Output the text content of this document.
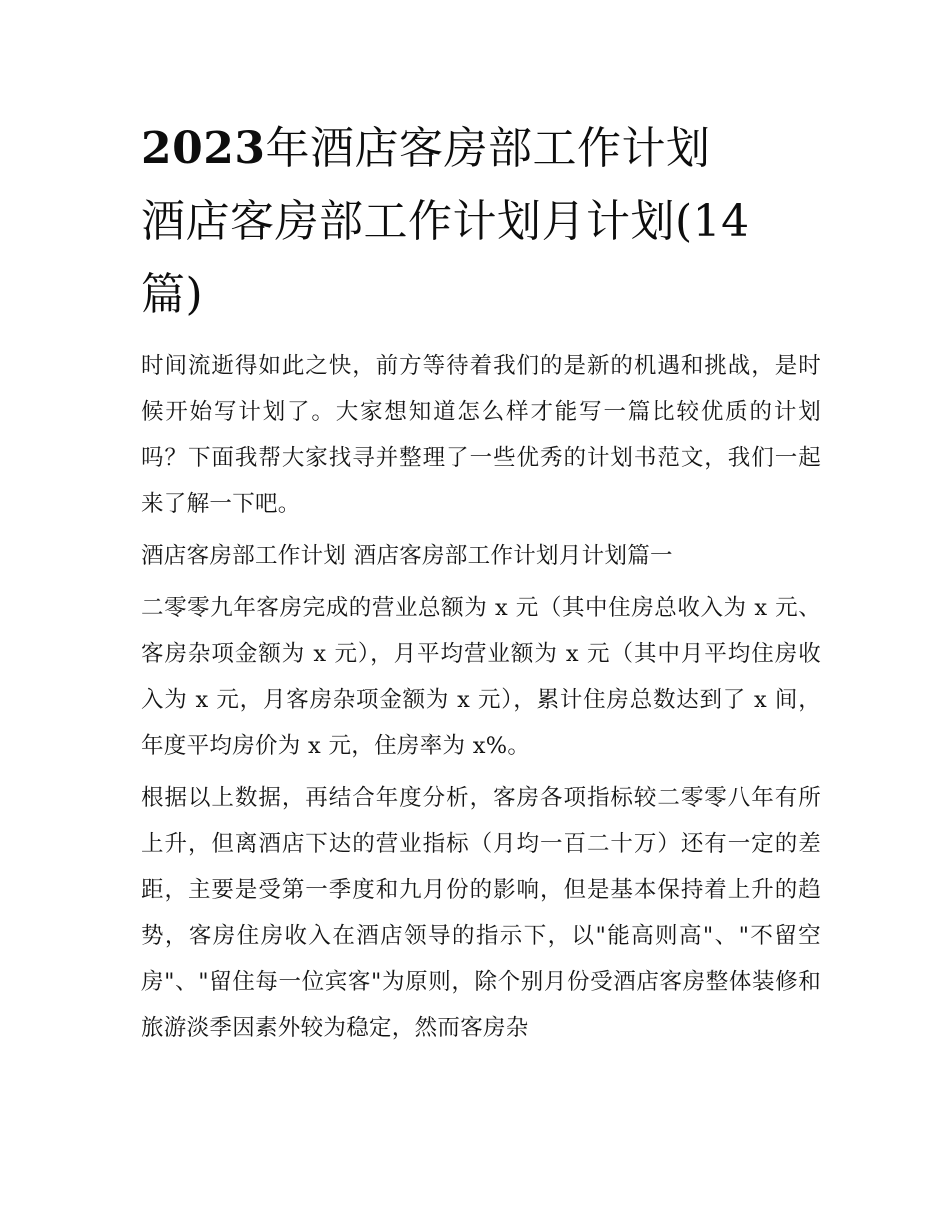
2023年酒店客房部工作计划
酒店客房部工作计划月计划(14
篇)

时间流逝得如此之快，前方等待着我们的是新的机遇和挑战，是时候开始写计划了。大家想知道怎么样才能写一篇比较优质的计划吗？下面我帮大家找寻并整理了一些优秀的计划书范文，我们一起来了解一下吧。

酒店客房部工作计划 酒店客房部工作计划月计划篇一

二零零九年客房完成的营业总额为 x 元（其中住房总收入为 x 元、客房杂项金额为 x 元），月平均营业额为 x 元（其中月平均住房收入为 x 元，月客房杂项金额为 x 元），累计住房总数达到了 x 间，年度平均房价为 x 元，住房率为 x%。

根据以上数据，再结合年度分析，客房各项指标较二零零八年有所上升，但离酒店下达的营业指标（月均一百二十万）还有一定的差距，主要是受第一季度和九月份的影响，但是基本保持着上升的趋势，客房住房收入在酒店领导的指示下，以"能高则高"、"不留空房"、"留住每一位宾客"为原则，除个别月份受酒店客房整体装修和旅游淡季因素外较为稳定，然而客房杂
